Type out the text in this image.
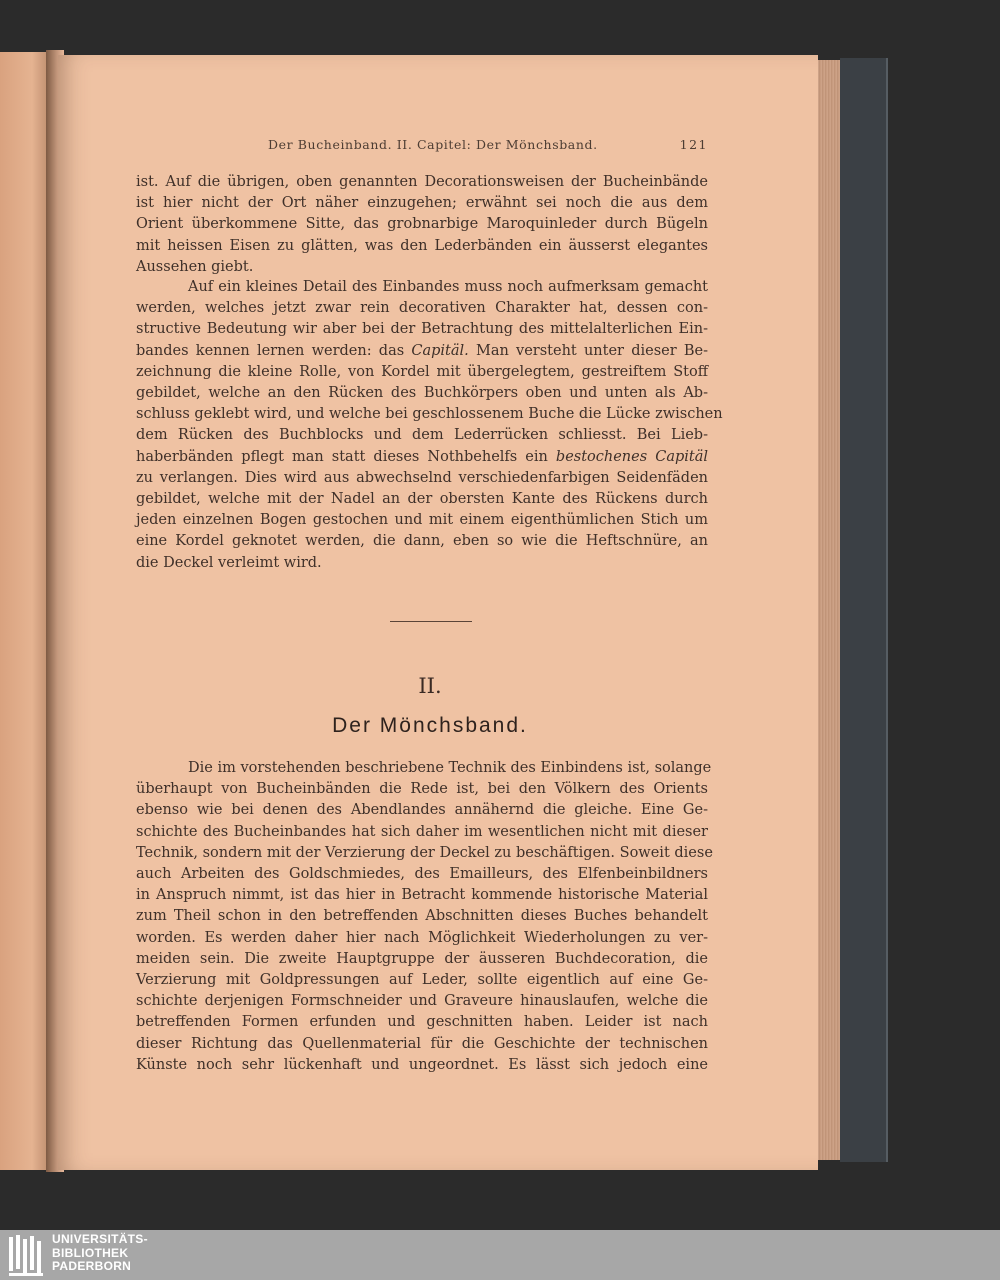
Der Bucheinband. II. Capitel: Der Mönchsband.	121
ist. Auf die übrigen, oben genannten Decorationsweisen der Bucheinbände
ist hier nicht der Ort näher einzugehen; erwähnt sei noch die aus dem
Orient überkommene Sitte, das grobnarbige Maroquinleder durch Bügeln
mit heissen Eisen zu glätten, was den Lederbänden ein äusserst elegantes
Aussehen giebt.
Auf ein kleines Detail des Einbandes muss noch aufmerksam gemacht
werden, welches jetzt zwar rein decorativen Charakter hat, dessen con-
structive Bedeutung wir aber bei der Betrachtung des mittelalterlichen Ein-
bandes kennen lernen werden: das Capitäl. Man versteht unter dieser Be-
zeichnung die kleine Rolle, von Kordel mit übergelegtem, gestreiftem Stoff
gebildet, welche an den Rücken des Buchkörpers oben und unten als Ab-
schluss geklebt wird, und welche bei geschlossenem Buche die Lücke zwischen
dem Rücken des Buchblocks und dem Lederrücken schliesst. Bei Lieb-
haberbänden pflegt man statt dieses Nothbehelfs ein bestochenes Capitäl
zu verlangen. Dies wird aus abwechselnd verschiedenfarbigen Seidenfäden
gebildet, welche mit der Nadel an der obersten Kante des Rückens durch
jeden einzelnen Bogen gestochen und mit einem eigenthümlichen Stich um
eine Kordel geknotet werden, die dann, eben so wie die Heftschnüre, an
die Deckel verleimt wird.
II.
Der Mönchsband.
Die im vorstehenden beschriebene Technik des Einbindens ist, solange
überhaupt von Bucheinbänden die Rede ist, bei den Völkern des Orients
ebenso wie bei denen des Abendlandes annähernd die gleiche. Eine Ge-
schichte des Bucheinbandes hat sich daher im wesentlichen nicht mit dieser
Technik, sondern mit der Verzierung der Deckel zu beschäftigen. Soweit diese
auch Arbeiten des Goldschmiedes, des Emailleurs, des Elfenbeinbildners
in Anspruch nimmt, ist das hier in Betracht kommende historische Material
zum Theil schon in den betreffenden Abschnitten dieses Buches behandelt
worden. Es werden daher hier nach Möglichkeit Wiederholungen zu ver-
meiden sein. Die zweite Hauptgruppe der äusseren Buchdecoration, die
Verzierung mit Goldpressungen auf Leder, sollte eigentlich auf eine Ge-
schichte derjenigen Formschneider und Graveure hinauslaufen, welche die
betreffenden Formen erfunden und geschnitten haben. Leider ist nach
dieser Richtung das Quellenmaterial für die Geschichte der technischen
Künste noch sehr lückenhaft und ungeordnet. Es lässt sich jedoch eine
UNIVERSITÄTS-
BIBLIOTHEK
PADERBORN
